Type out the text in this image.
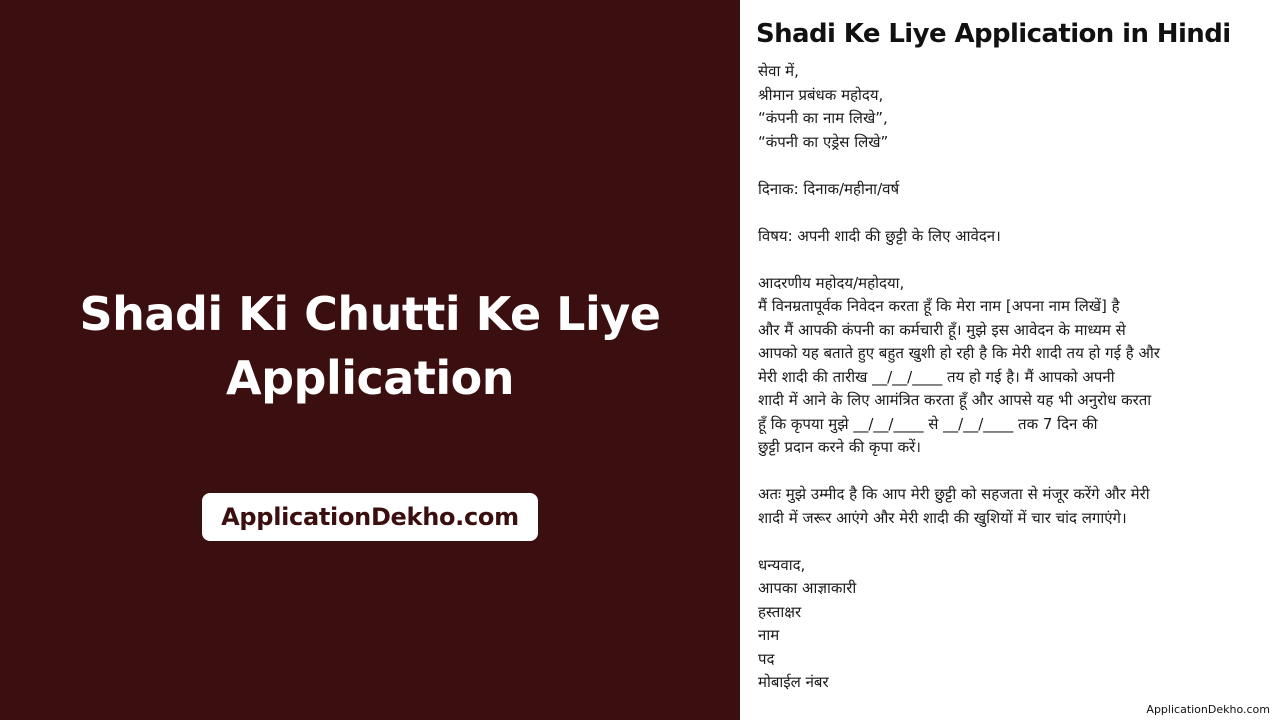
Shadi Ki Chutti Ke Liye
Application
ApplicationDekho.com
Shadi Ke Liye Application in Hindi
सेवा में,
श्रीमान प्रबंधक महोदय,
“कंपनी का नाम लिखे”,
“कंपनी का एड्रेस लिखे”
दिनाक: दिनाक/महीना/वर्ष
विषय: अपनी शादी की छुट्टी के लिए आवेदन।
आदरणीय महोदय/महोदया,
मैं विनम्रतापूर्वक निवेदन करता हूँ कि मेरा नाम [अपना नाम लिखें] है
और मैं आपकी कंपनी का कर्मचारी हूँ। मुझे इस आवेदन के माध्यम से
आपको यह बताते हुए बहुत खुशी हो रही है कि मेरी शादी तय हो गई है और
मेरी शादी की तारीख __/__/____ तय हो गई है। मैं आपको अपनी
शादी में आने के लिए आमंत्रित करता हूँ और आपसे यह भी अनुरोध करता
हूँ कि कृपया मुझे __/__/____ से __/__/____ तक 7 दिन की
छुट्टी प्रदान करने की कृपा करें।
अतः मुझे उम्मीद है कि आप मेरी छुट्टी को सहजता से मंजूर करेंगे और मेरी
शादी में जरूर आएंगे और मेरी शादी की खुशियों में चार चांद लगाएंगे।
धन्यवाद,
आपका आज्ञाकारी
हस्ताक्षर
नाम
पद
मोबाईल नंबर
ApplicationDekho.com
